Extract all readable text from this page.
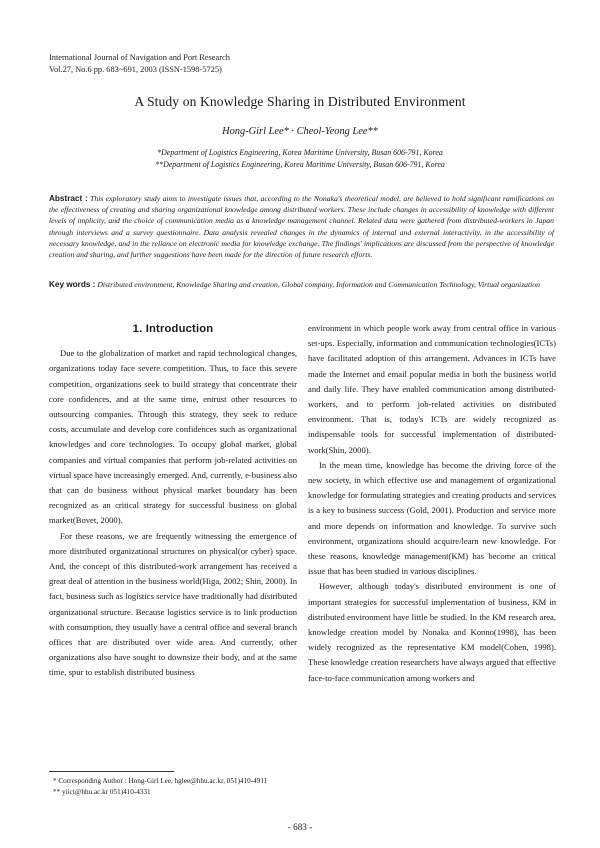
International Journal of Navigation and Port Research
Vol.27, No.6 pp. 683~691, 2003 (ISSN-1598-5725)
A Study on Knowledge Sharing in Distributed Environment
Hong-Girl Lee* · Cheol-Yeong Lee**
*Department of Logistics Engineering, Korea Maritime University, Busan 606-791, Korea
**Department of Logistics Engineering, Korea Maritime University, Busan 606-791, Korea
Abstract : This exploratory study aims to investigate issues that, according to the Nonaka's theoretical model, are believed to hold significant ramifications on the effectiveness of creating and sharing organizational knowledge among distributed workers. These include changes in accessibility of knowledge with different levels of implicity, and the choice of communication media as a knowledge management channel. Related data were gathered from distributed-workers in Japan through interviews and a survey questionnaire. Data analysis revealed changes in the dynamics of internal and external interactivity, in the accessibility of necessary knowledge, and in the reliance on electronic media for knowledge exchange. The findings' implications are discussed from the perspective of knowledge creation and sharing, and further suggestions have been made for the direction of future research efforts.
Key words : Distributed environment, Knowledge Sharing and creation, Global company, Information and Communication Technology, Virtual organization
1. Introduction

Due to the globalization of market and rapid technological changes, organizations today face severe competition. Thus, to face this severe competition, organizations seek to build strategy that concentrate their core confidences, and at the same time, entrust other resources to outsourcing companies. Through this strategy, they seek to reduce costs, accumulate and develop core confidences such as organizational knowledges and core technologies. To occupy global market, global companies and virtual companies that perform job-related activities on virtual space have increasingly emerged. And, currently, e-business also that can do business without physical market boundary has been recognized as an critical strategy for successful business on global market(Bovet, 2000).

For these reasons, we are frequently witnessing the emergence of more distributed organizational structures on physical(or cyber) space. And, the concept of this distributed-work arrangement has received a great deal of attention in the business world(Higa, 2002; Shin, 2000). In fact, business such as logistics service have traditionally had distributed organizational structure. Because logistics service is to link production with consumption, they usually have a central office and several branch offices that are distributed over wide area. And currently, other organizations also have sought to downsize their body, and at the same time, spur to establish distributed business

environment in which people work away from central office in various set-ups. Especially, information and communication technologies(ICTs) have facilitated adoption of this arrangement. Advances in ICTs have made the Internet and email popular media in both the business world and daily life. They have enabled communication among distributed-workers, and to perform job-related activities on distributed environment. That is, today's ICTs are widely recognized as indispensable tools for successful implementation of distributed-work(Shin, 2000).

In the mean time, knowledge has become the driving force of the new society, in which effective use and management of organizational knowledge for formulating strategies and creating products and services is a key to business success (Gold, 2001). Production and service more and more depends on information and knowledge. To survive such environment, organizations should acquire/learn new knowledge. For these reasons, knowledge management(KM) has become an critical issue that has been studied in various disciplines.

However, although today's distributed environment is one of important strategies for successful implementation of business, KM in distributed environment have little be studied. In the KM research area, knowledge creation model by Nonaka and Konno(1998), has been widely recognized as the representative KM model(Cohen, 1998). These knowledge creation researchers have always argued that effective face-to-face communication among workers and

* Corresponding Author : Hong-Girl Lee, hglee@hhu.ac.kr, 051)410-4911
** yiici@hhu.ac.kr 051)410-4331
- 683 -
